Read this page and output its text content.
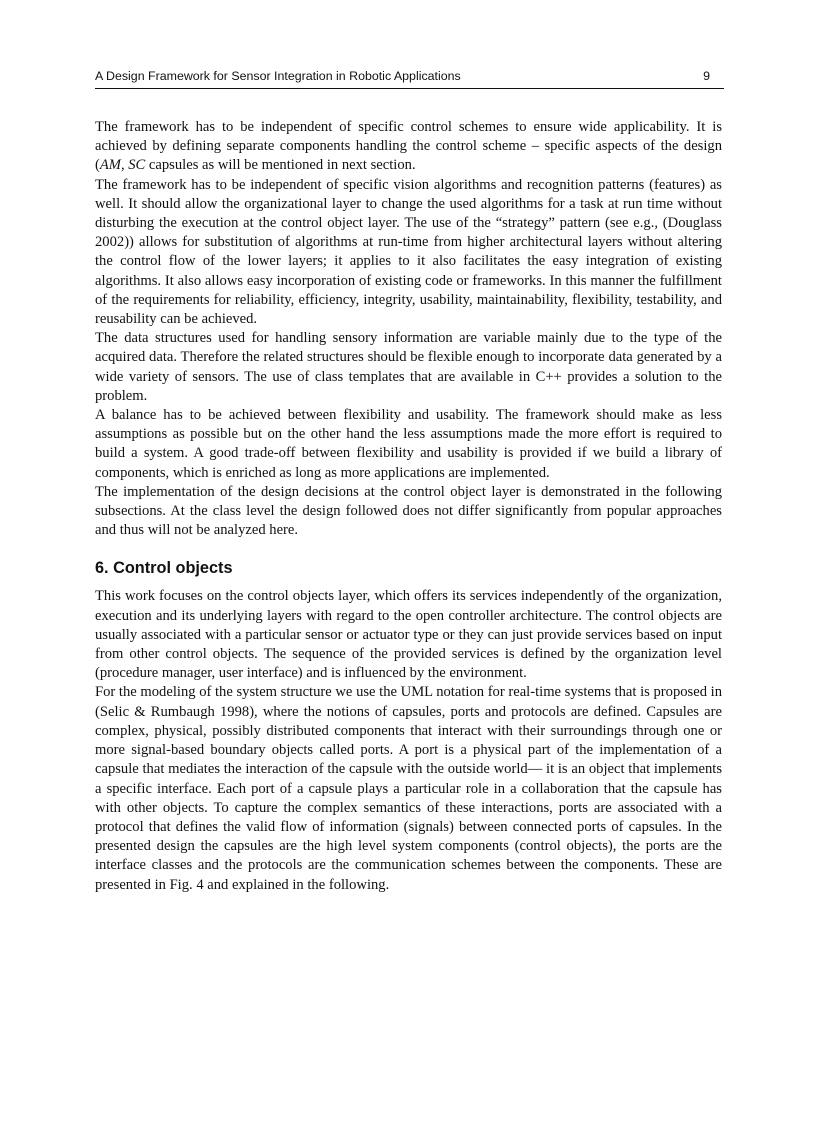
A Design Framework for Sensor Integration in Robotic Applications	9

The framework has to be independent of specific control schemes to ensure wide applicability. It is achieved by defining separate components handling the control scheme – specific aspects of the design (AM, SC capsules as will be mentioned in next section.

The framework has to be independent of specific vision algorithms and recognition patterns (features) as well. It should allow the organizational layer to change the used algorithms for a task at run time without disturbing the execution at the control object layer. The use of the “strategy” pattern (see e.g., (Douglass 2002)) allows for substitution of algorithms at run-time from higher architectural layers without altering the control flow of the lower layers; it applies to it also facilitates the easy integration of existing algorithms. It also allows easy incorporation of existing code or frameworks. In this manner the fulfillment of the requirements for reliability, efficiency, integrity, usability, maintainability, flexibility, testability, and reusability can be achieved.

The data structures used for handling sensory information are variable mainly due to the type of the acquired data. Therefore the related structures should be flexible enough to incorporate data generated by a wide variety of sensors. The use of class templates that are available in C++ provides a solution to the problem.

A balance has to be achieved between flexibility and usability. The framework should make as less assumptions as possible but on the other hand the less assumptions made the more effort is required to build a system. A good trade-off between flexibility and usability is provided if we build a library of components, which is enriched as long as more applications are implemented.

The implementation of the design decisions at the control object layer is demonstrated in the following subsections. At the class level the design followed does not differ significantly from popular approaches and thus will not be analyzed here.

6. Control objects

This work focuses on the control objects layer, which offers its services independently of the organization, execution and its underlying layers with regard to the open controller architecture. The control objects are usually associated with a particular sensor or actuator type or they can just provide services based on input from other control objects. The sequence of the provided services is defined by the organization level (procedure manager, user interface) and is influenced by the environment.

For the modeling of the system structure we use the UML notation for real-time systems that is proposed in (Selic & Rumbaugh 1998), where the notions of capsules, ports and protocols are defined. Capsules are complex, physical, possibly distributed components that interact with their surroundings through one or more signal-based boundary objects called ports. A port is a physical part of the implementation of a capsule that mediates the interaction of the capsule with the outside world— it is an object that implements a specific interface. Each port of a capsule plays a particular role in a collaboration that the capsule has with other objects. To capture the complex semantics of these interactions, ports are associated with a protocol that defines the valid flow of information (signals) between connected ports of capsules. In the presented design the capsules are the high level system components (control objects), the ports are the interface classes and the protocols are the communication schemes between the components. These are presented in Fig. 4 and explained in the following.
